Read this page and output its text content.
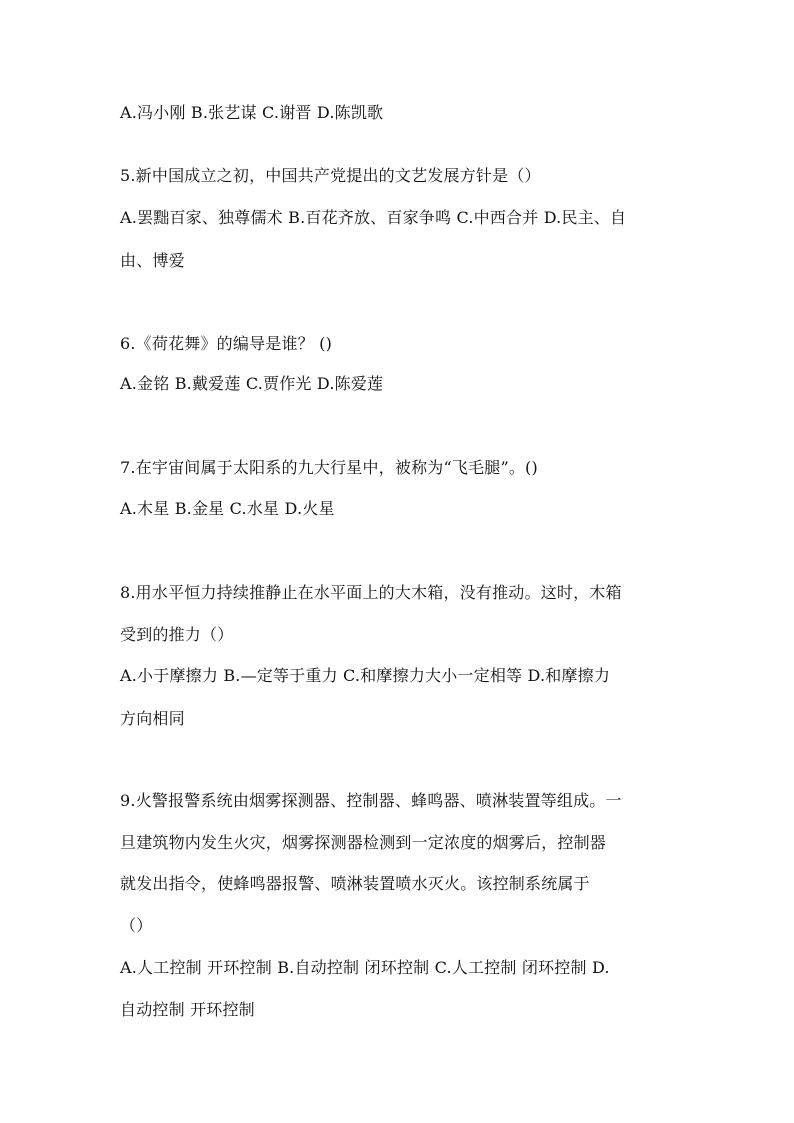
A.冯小刚 B.张艺谋 C.谢晋 D.陈凯歌
5.新中国成立之初，中国共产党提出的文艺发展方针是（）
A.罢黜百家、独尊儒术 B.百花齐放、百家争鸣 C.中西合并 D.民主、自
由、博爱
6.《荷花舞》的编导是谁？ ()
A.金铭 B.戴爱莲 C.贾作光 D.陈爱莲
7.在宇宙间属于太阳系的九大行星中，被称为“飞毛腿”。()
A.木星 B.金星 C.水星 D.火星
8.用水平恒力持续推静止在水平面上的大木箱，没有推动。这时，木箱
受到的推力（）
A.小于摩擦力 B.—定等于重力 C.和摩擦力大小一定相等 D.和摩擦力
方向相同
9.火警报警系统由烟雾探测器、控制器、蜂鸣器、喷淋装置等组成。一
旦建筑物内发生火灾，烟雾探测器检测到一定浓度的烟雾后，控制器
就发出指令，使蜂鸣器报警、喷淋装置喷水灭火。该控制系统属于
（）
A.人工控制 开环控制 B.自动控制 闭环控制 C.人工控制 闭环控制 D.
自动控制 开环控制
